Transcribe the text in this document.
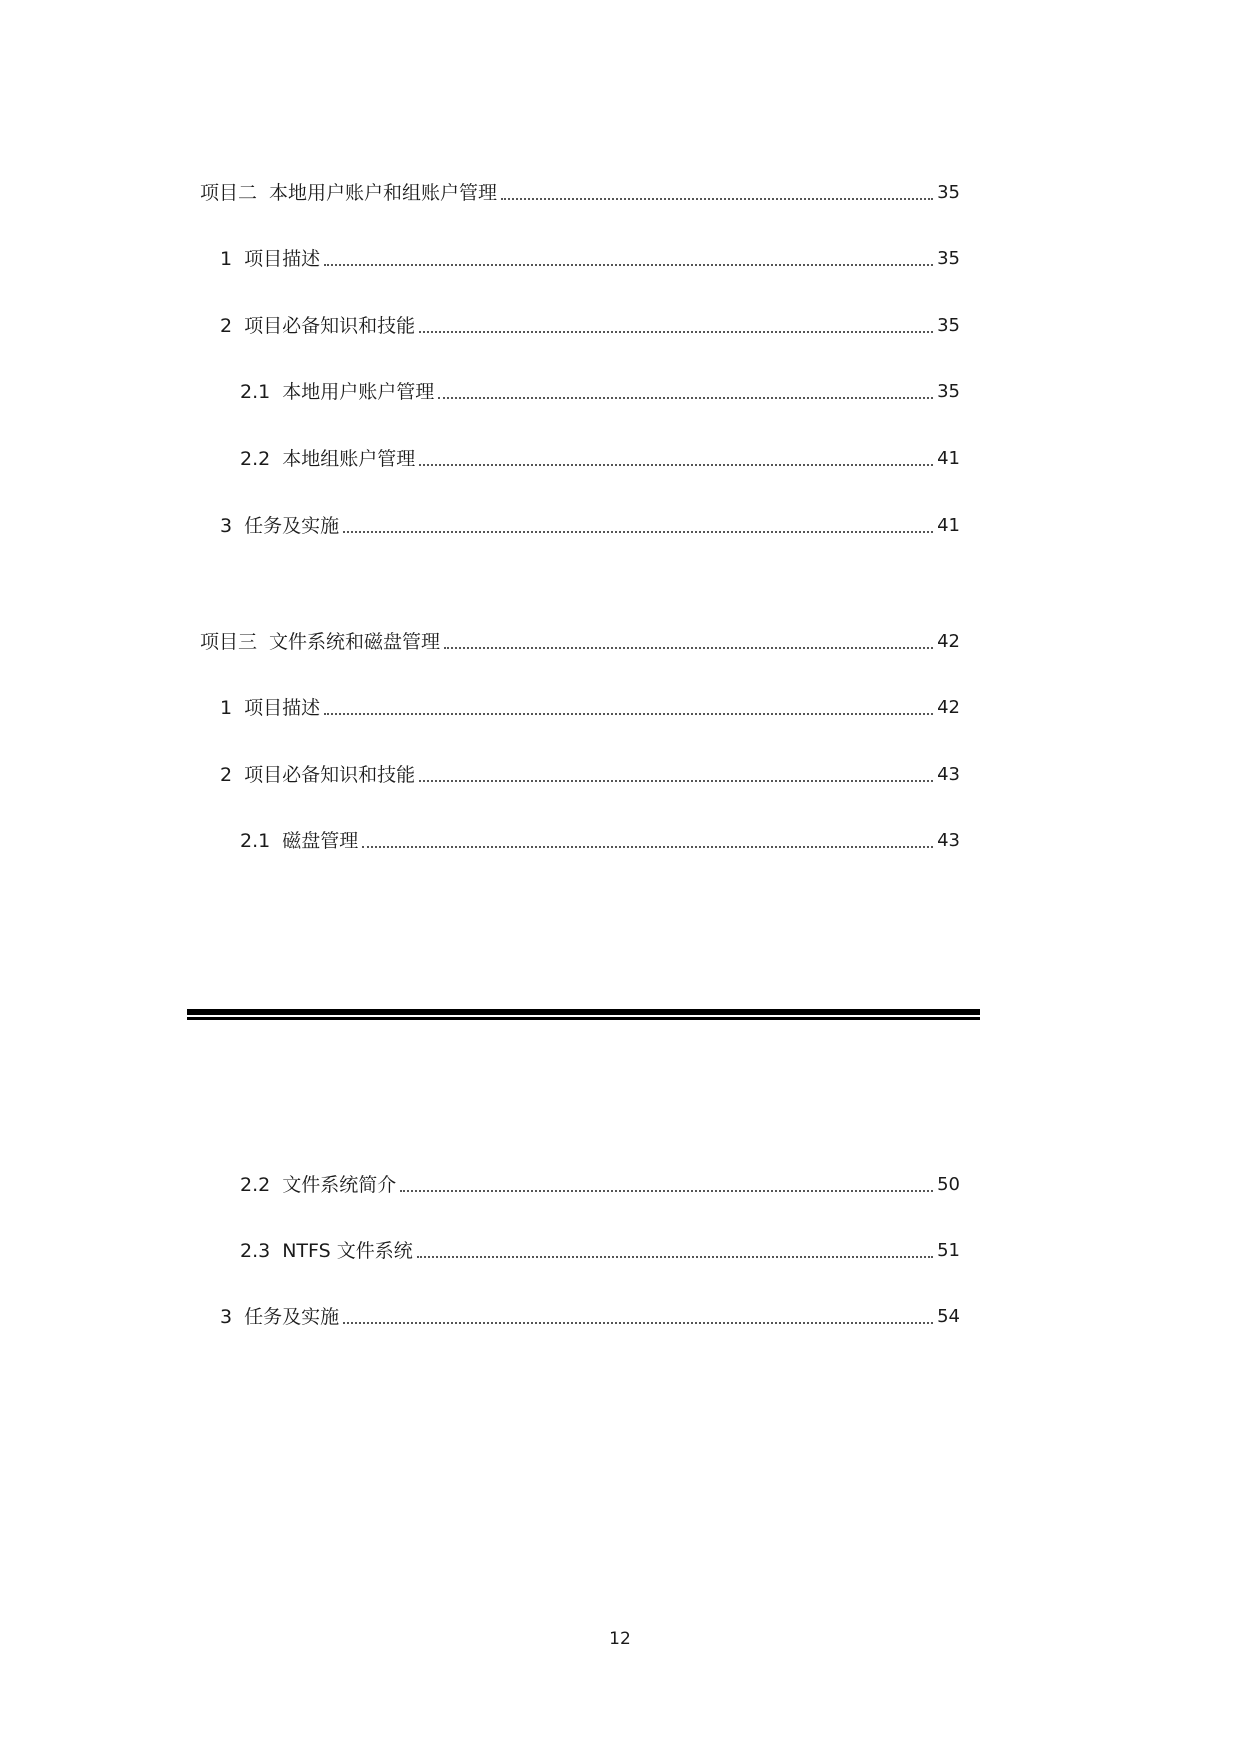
项目二 本地用户账户和组账户管理	35
1 项目描述	35
2 项目必备知识和技能	35
2.1 本地用户账户管理	35
2.2 本地组账户管理	41
3 任务及实施	41
项目三 文件系统和磁盘管理	42
1 项目描述	42
2 项目必备知识和技能	43
2.1 磁盘管理	43
2.2 文件系统简介	50
2.3 NTFS 文件系统	51
3 任务及实施	54
12
